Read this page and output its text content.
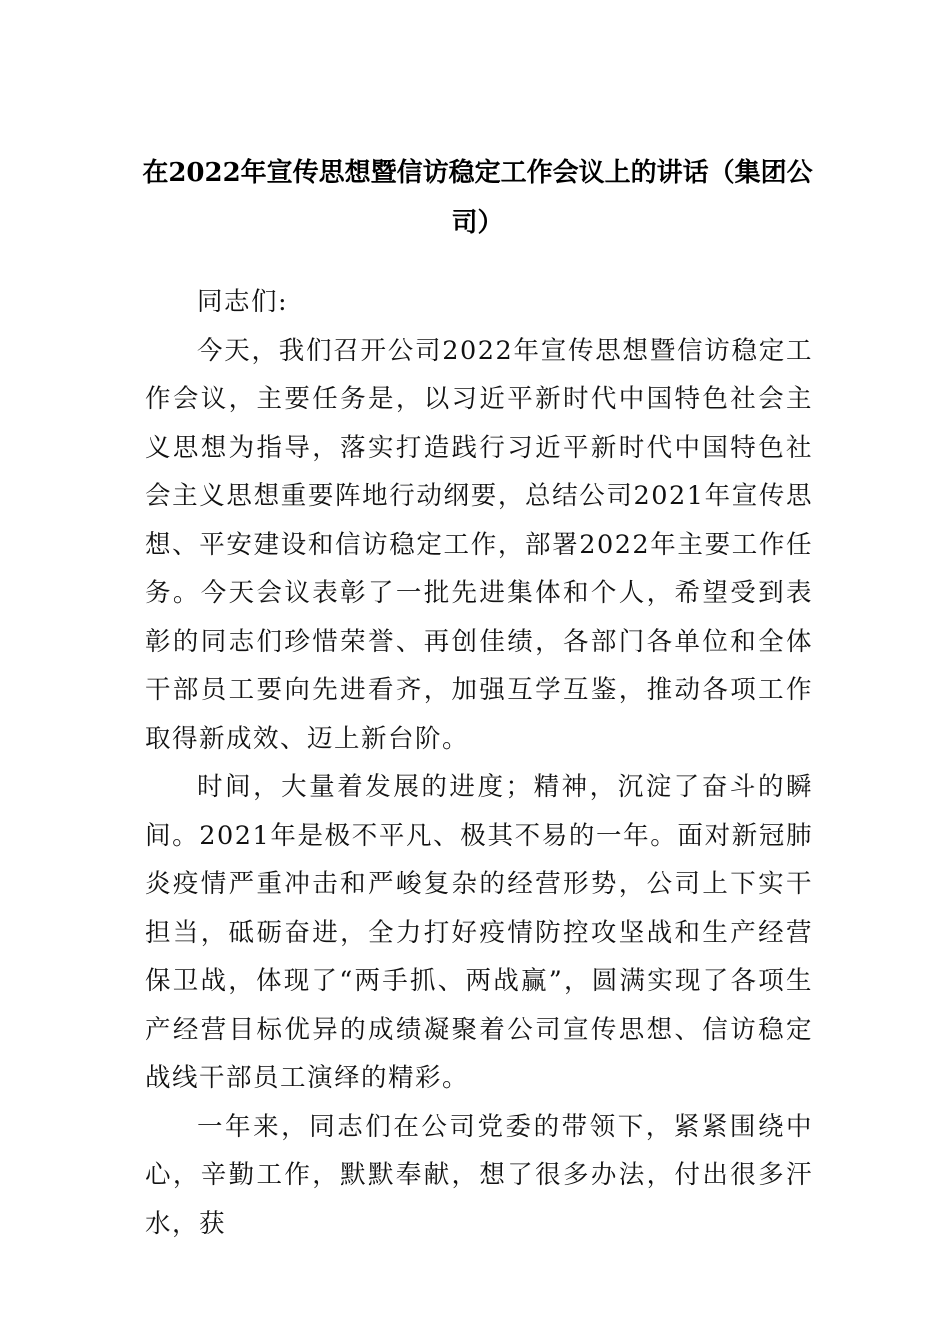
在2022年宣传思想暨信访稳定工作会议上的讲话（集团公司）

同志们:

今天，我们召开公司2022年宣传思想暨信访稳定工作会议，主要任务是，以习近平新时代中国特色社会主义思想为指导，落实打造践行习近平新时代中国特色社会主义思想重要阵地行动纲要，总结公司2021年宣传思想、平安建设和信访稳定工作，部署2022年主要工作任务。今天会议表彰了一批先进集体和个人，希望受到表彰的同志们珍惜荣誉、再创佳绩，各部门各单位和全体干部员工要向先进看齐，加强互学互鉴，推动各项工作取得新成效、迈上新台阶。

时间，大量着发展的进度；精神，沉淀了奋斗的瞬间。2021年是极不平凡、极其不易的一年。面对新冠肺炎疫情严重冲击和严峻复杂的经营形势，公司上下实干担当，砥砺奋进，全力打好疫情防控攻坚战和生产经营保卫战，体现了“两手抓、两战赢”，圆满实现了各项生产经营目标优异的成绩凝聚着公司宣传思想、信访稳定战线干部员工演绎的精彩。

一年来，同志们在公司党委的带领下，紧紧围绕中心，辛勤工作，默默奉献，想了很多办法，付出很多汗水，获
